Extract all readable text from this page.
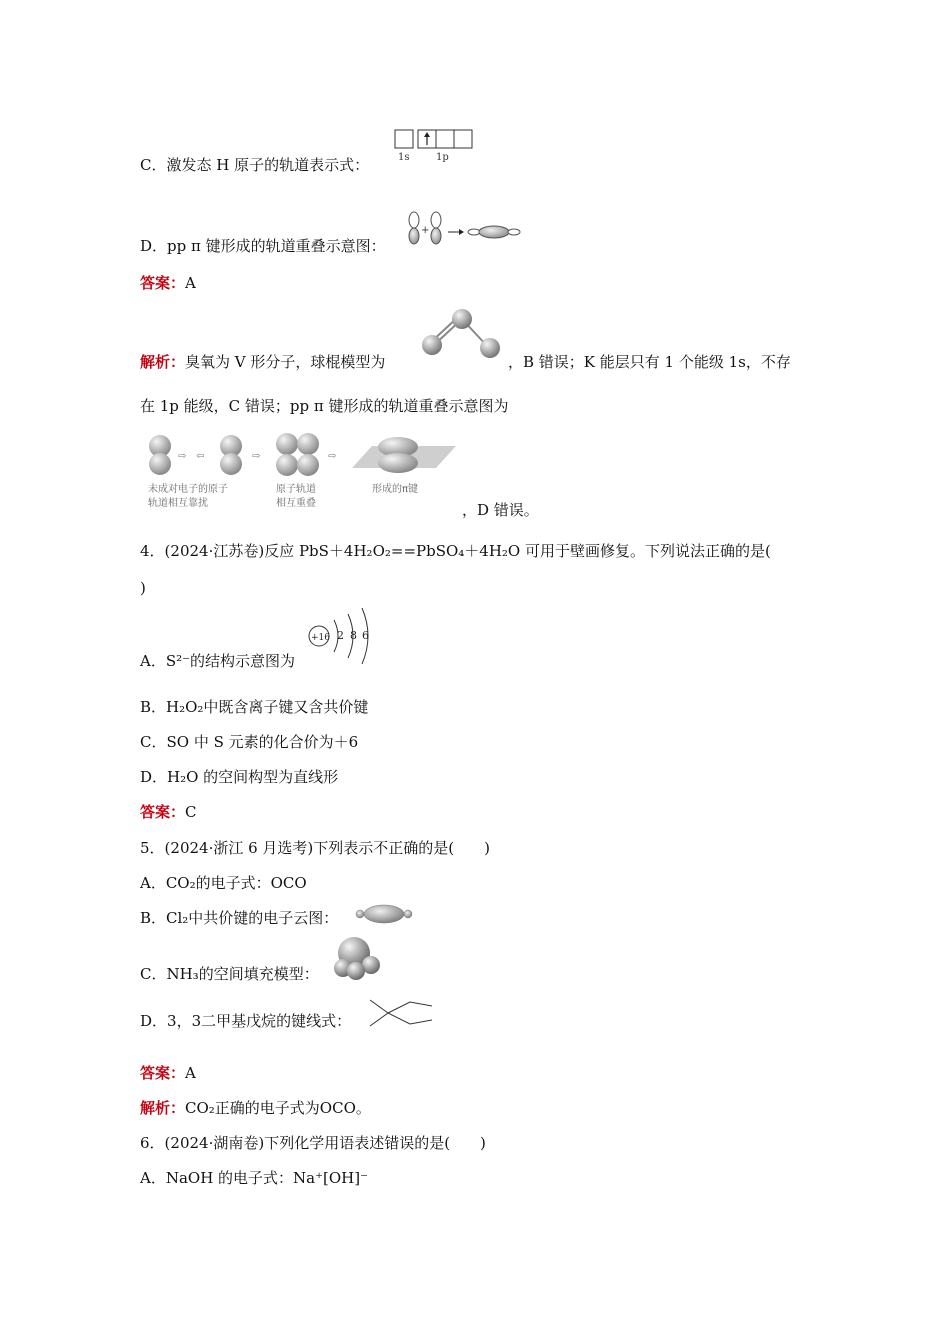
C．激发态 H 原子的轨道表示式：	1s	1p
D．pp π 键形成的轨道重叠示意图：
+
答案：A
解析：臭氧为 V 形分子，球棍模型为	，B 错误；K 能层只有 1 个能级 1s，不存
在 1p 能级，C 错误；pp π 键形成的轨道重叠示意图为
⇨ ⇦	⇨	⇨
未成对电子的原子
轨道相互靠扰
原子轨道
相互重叠
形成的π键
，D 错误。
4．(2024·江苏卷)反应 PbS＋4H₂O₂==PbSO₄＋4H₂O 可用于壁画修复。下列说法正确的是(
)
A．S²⁻的结构示意图为
+16 2 8 6
B．H₂O₂中既含离子键又含共价键
C．SO 中 S 元素的化合价为＋6
D．H₂O 的空间构型为直线形
答案：C
5．(2024·浙江 6 月选考)下列表示不正确的是(　　)
A．CO₂的电子式：OCO
B．Cl₂中共价键的电子云图：
C．NH₃的空间填充模型：
D．3，3二甲基戊烷的键线式：
答案：A
解析：CO₂正确的电子式为OCO。
6．(2024·湖南卷)下列化学用语表述错误的是(　　)
A．NaOH 的电子式：Na⁺[OH]⁻
